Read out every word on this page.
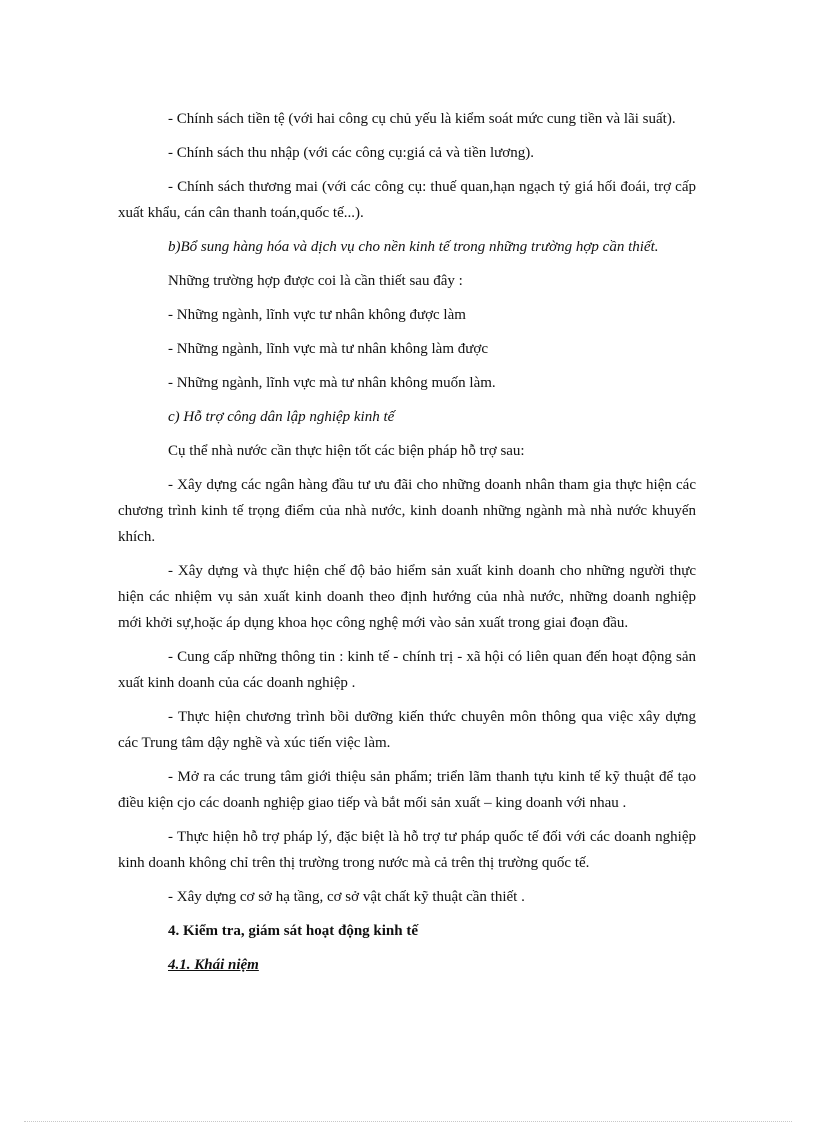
- Chính sách tiền tệ (với hai công cụ chủ yếu là kiểm soát mức cung tiền và lãi suất).

- Chính sách thu nhập (với các công cụ:giá cả và tiền lương).

- Chính sách thương mai (với các công cụ: thuế quan,hạn ngạch tỷ giá hối đoái, trợ cấp xuất khẩu, cán cân thanh toán,quốc tế...).

b)Bổ sung hàng hóa và dịch vụ cho nền kinh tế trong những trường hợp cần thiết.

Những trường hợp được coi là cần thiết sau đây :

- Những ngành, lĩnh vực tư nhân không được làm

- Những ngành, lĩnh vực mà tư nhân không làm được

- Những ngành, lĩnh vực mà tư nhân không muốn làm.

c) Hỗ trợ công dân lập nghiệp kinh tế

Cụ thể nhà nước cần thực hiện tốt các biện pháp hỗ trợ sau:

- Xây dựng các ngân hàng đầu tư ưu đãi cho những doanh nhân tham gia thực hiện các chương trình kinh tế trọng điểm của nhà nước, kinh doanh những ngành mà nhà nước khuyến khích.

- Xây dựng và thực hiện chế độ bảo hiểm sản xuất kinh doanh cho những người thực hiện các nhiệm vụ sản xuất kinh doanh theo định hướng của nhà nước, những doanh nghiệp mới khởi sự,hoặc áp dụng khoa học công nghệ mới vào sản xuất trong giai đoạn đầu.

- Cung cấp những thông tin : kinh tế - chính trị - xã hội có liên quan đến hoạt động sản xuất kinh doanh của các doanh nghiệp .

- Thực hiện chương trình bồi dưỡng kiến thức chuyên môn thông qua việc xây dựng các Trung tâm dậy nghề và xúc tiến việc làm.

- Mở ra các trung tâm giới thiệu sản phẩm; triển lãm thanh tựu kinh tế kỹ thuật để tạo điều kiện cjo các doanh nghiệp giao tiếp và bắt mối sản xuất – king doanh với nhau .

- Thực hiện hỗ trợ pháp lý, đặc biệt là hỗ trợ tư pháp quốc tế đối với các doanh nghiệp kinh doanh không chỉ trên thị trường trong nước mà cả trên thị trường quốc tế.

- Xây dựng cơ sở hạ tầng, cơ sở vật chất kỹ thuật cần thiết .

4. Kiểm tra, giám sát hoạt động kinh tế

4.1. Khái niệm
